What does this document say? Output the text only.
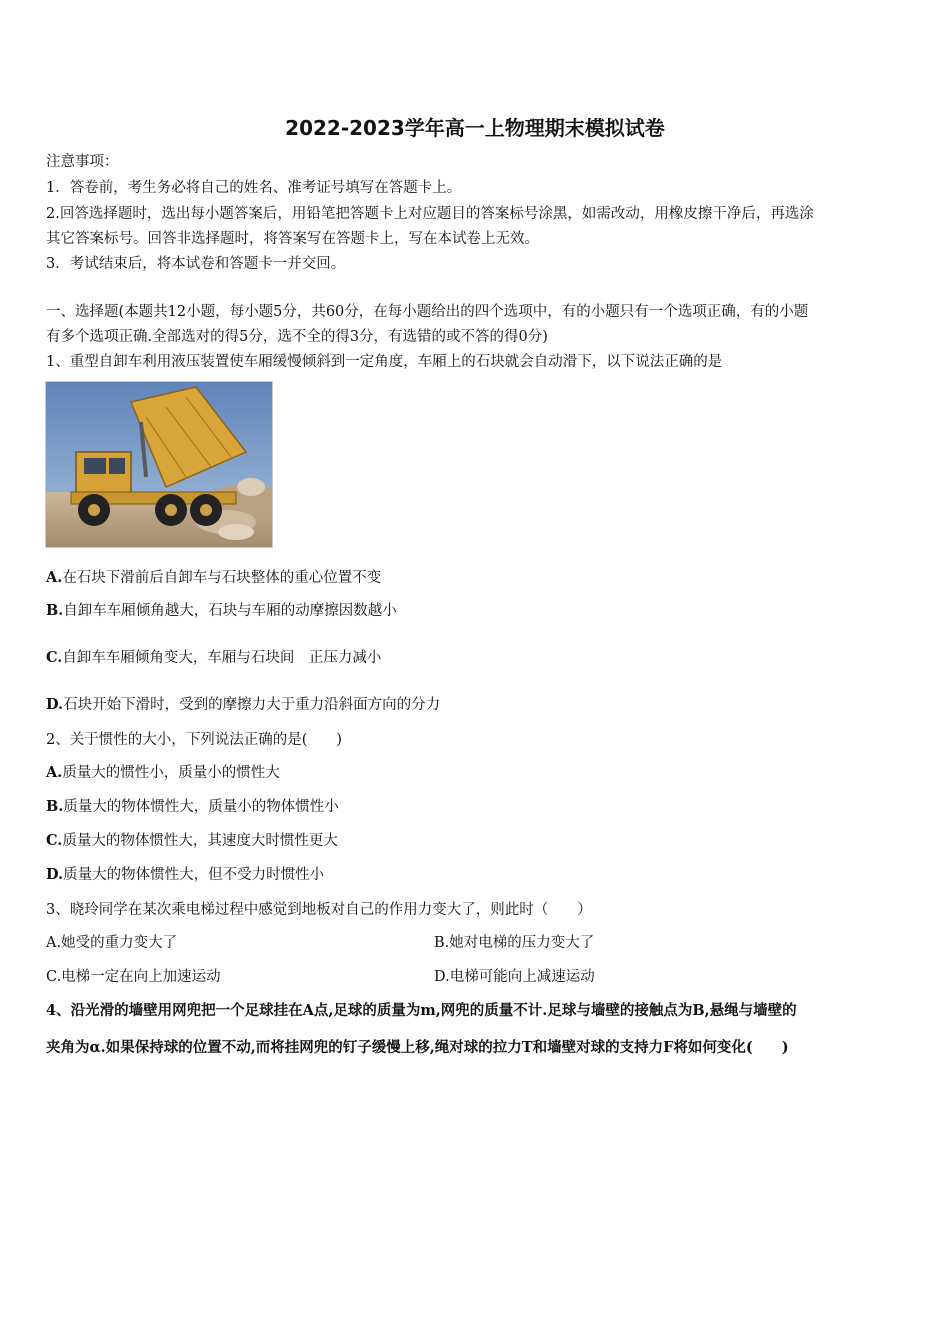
2022-2023学年高一上物理期末模拟试卷
注意事项：
1．答卷前，考生务必将自己的姓名、准考证号填写在答题卡上。
2.回答选择题时，选出每小题答案后，用铅笔把答题卡上对应题目的答案标号涂黑，如需改动，用橡皮擦干净后，再选涂
其它答案标号。回答非选择题时，将答案写在答题卡上，写在本试卷上无效。
3．考试结束后，将本试卷和答题卡一并交回。
一、选择题(本题共12小题，每小题5分，共60分，在每小题给出的四个选项中，有的小题只有一个选项正确，有的小题
有多个选项正确.全部选对的得5分，选不全的得3分，有选错的或不答的得0分)
1、重型自卸车利用液压装置使车厢缓慢倾斜到一定角度，车厢上的石块就会自动滑下，以下说法正确的是
A.在石块下滑前后自卸车与石块整体的重心位置不变
B.自卸车车厢倾角越大，石块与车厢的动摩擦因数越小
C.自卸车车厢倾角变大，车厢与石块间　正压力减小
D.石块开始下滑时，受到的摩擦力大于重力沿斜面方向的分力
2、关于惯性的大小，下列说法正确的是(　　)
A.质量大的惯性小，质量小的惯性大
B.质量大的物体惯性大，质量小的物体惯性小
C.质量大的物体惯性大，其速度大时惯性更大
D.质量大的物体惯性大，但不受力时惯性小
3、晓玲同学在某次乘电梯过程中感觉到地板对自己的作用力变大了，则此时（　　）
A.她受的重力变大了	B.她对电梯的压力变大了
C.电梯一定在向上加速运动	D.电梯可能向上减速运动
4、沿光滑的墙壁用网兜把一个足球挂在A点,足球的质量为m,网兜的质量不计.足球与墙壁的接触点为B,悬绳与墙壁的
夹角为α.如果保持球的位置不动,而将挂网兜的钉子缓慢上移,绳对球的拉力T和墙壁对球的支持力F将如何变化(　　)
